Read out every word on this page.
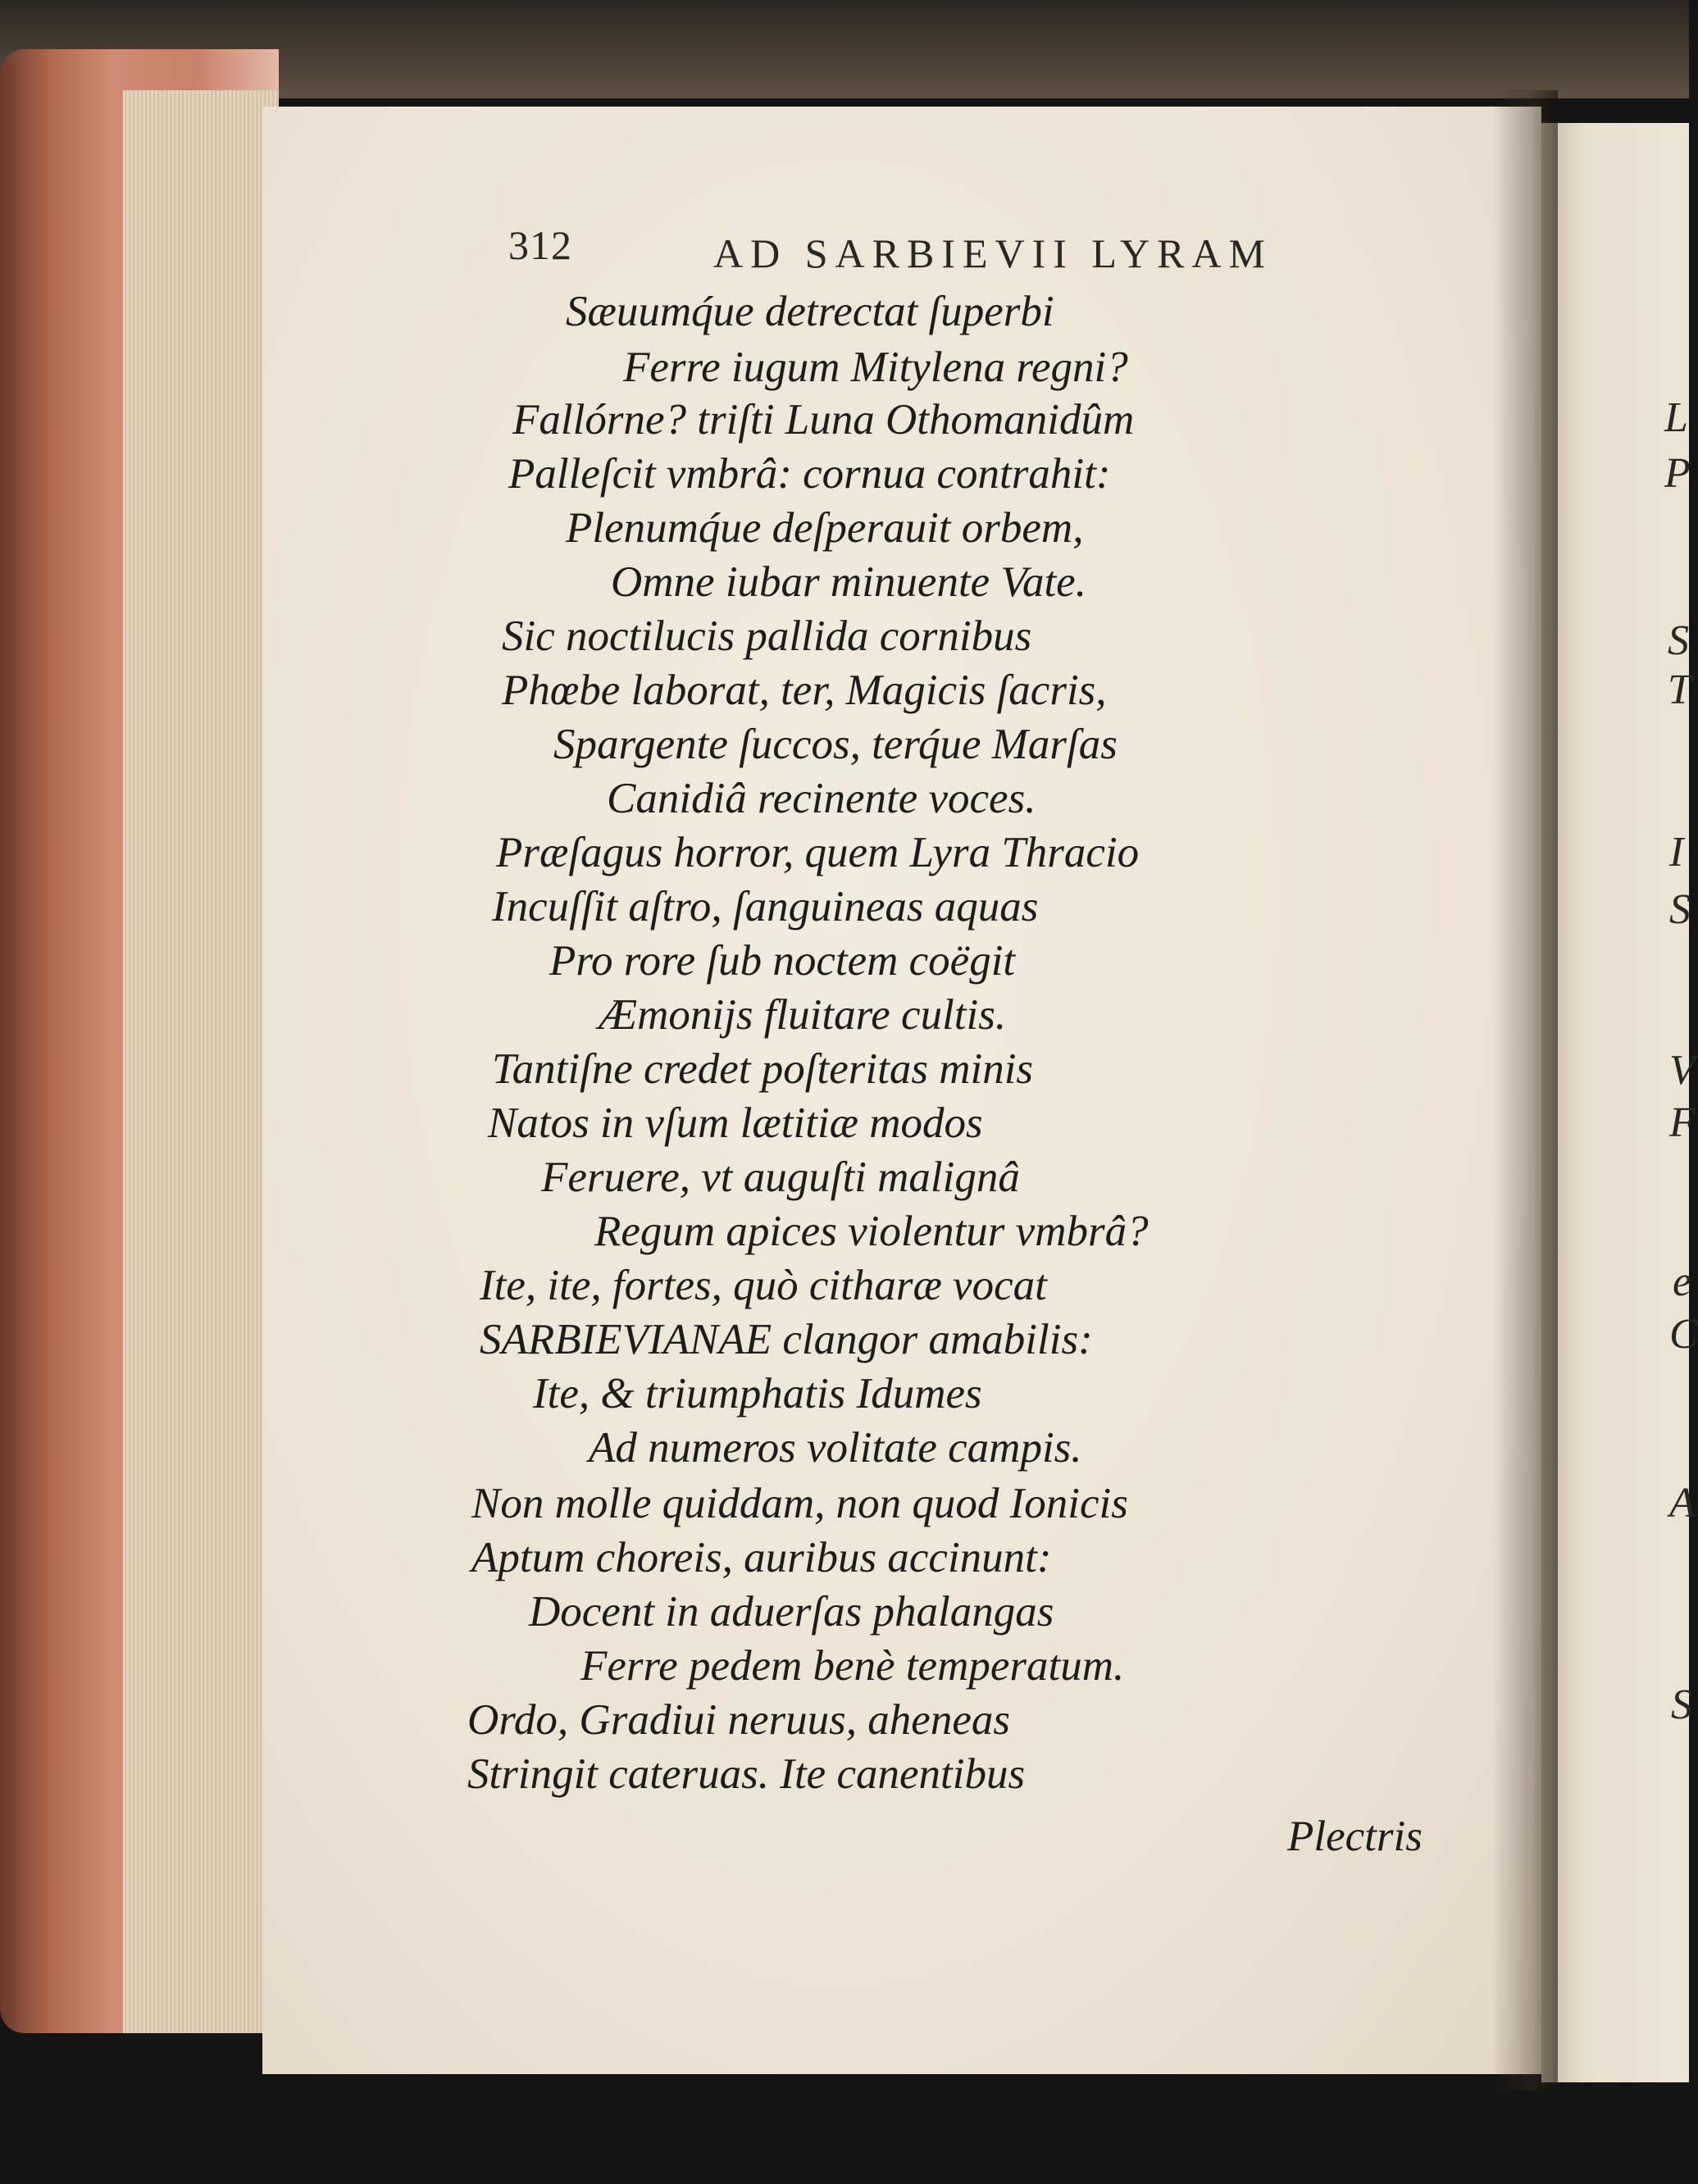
312	AD SARBIEVII LYRAM
Sæuumq́ue detrectat ſuperbi
Ferre iugum Mitylena regni?
Fallórne? triſti Luna Othomanidûm
Palleſcit vmbrâ: cornua contrahit:
Plenumq́ue deſperauit orbem,
Omne iubar minuente Vate.
Sic noctilucis pallida cornibus
Phœbe laborat, ter, Magicis ſacris,
Spargente ſuccos, terq́ue Marſas
Canidiâ recinente voces.
Præſagus horror, quem Lyra Thracio
Incuſſit aſtro, ſanguineas aquas
Pro rore ſub noctem coëgit
Æmonijs fluitare cultis.
Tantiſne credet poſteritas minis
Natos in vſum lætitiæ modos
Feruere, vt auguſti malignâ
Regum apices violentur vmbrâ?
Ite, ite, fortes, quò citharæ vocat
SARBIEVIANAE clangor amabilis:
Ite, & triumphatis Idumes
Ad numeros volitate campis.
Non molle quiddam, non quod Ionicis
Aptum choreis, auribus accinunt:
Docent in aduerſas phalangas
Ferre pedem benè temperatum.
Ordo, Gradiui neruus, aheneas
Stringit cateruas. Ite canentibus
Plectris
L
P
S
T
I
S
V
F
e
C
A
S
